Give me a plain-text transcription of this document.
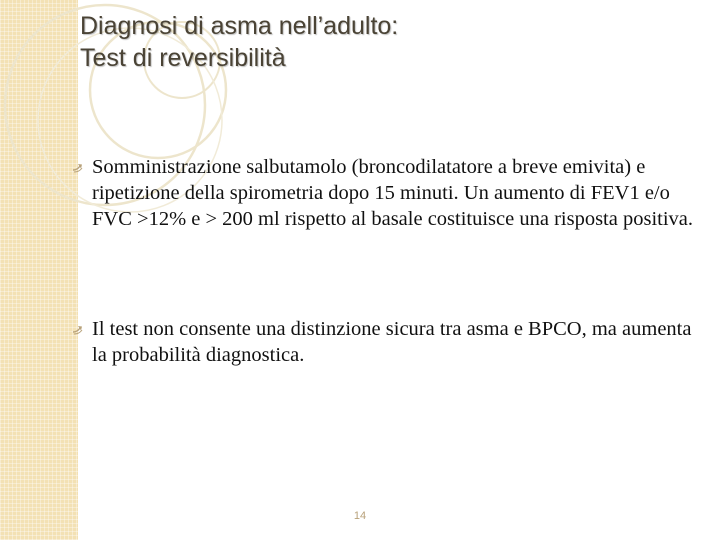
Diagnosi di asma nell’adulto:
Test di reversibilità
Somministrazione salbutamolo (broncodilatatore a breve emivita) e ripetizione della spirometria dopo 15 minuti. Un aumento di FEV1 e/o FVC >12% e > 200 ml rispetto al basale costituisce una risposta positiva.
Il test non consente una distinzione sicura tra asma e BPCO, ma aumenta la probabilità diagnostica.
14
